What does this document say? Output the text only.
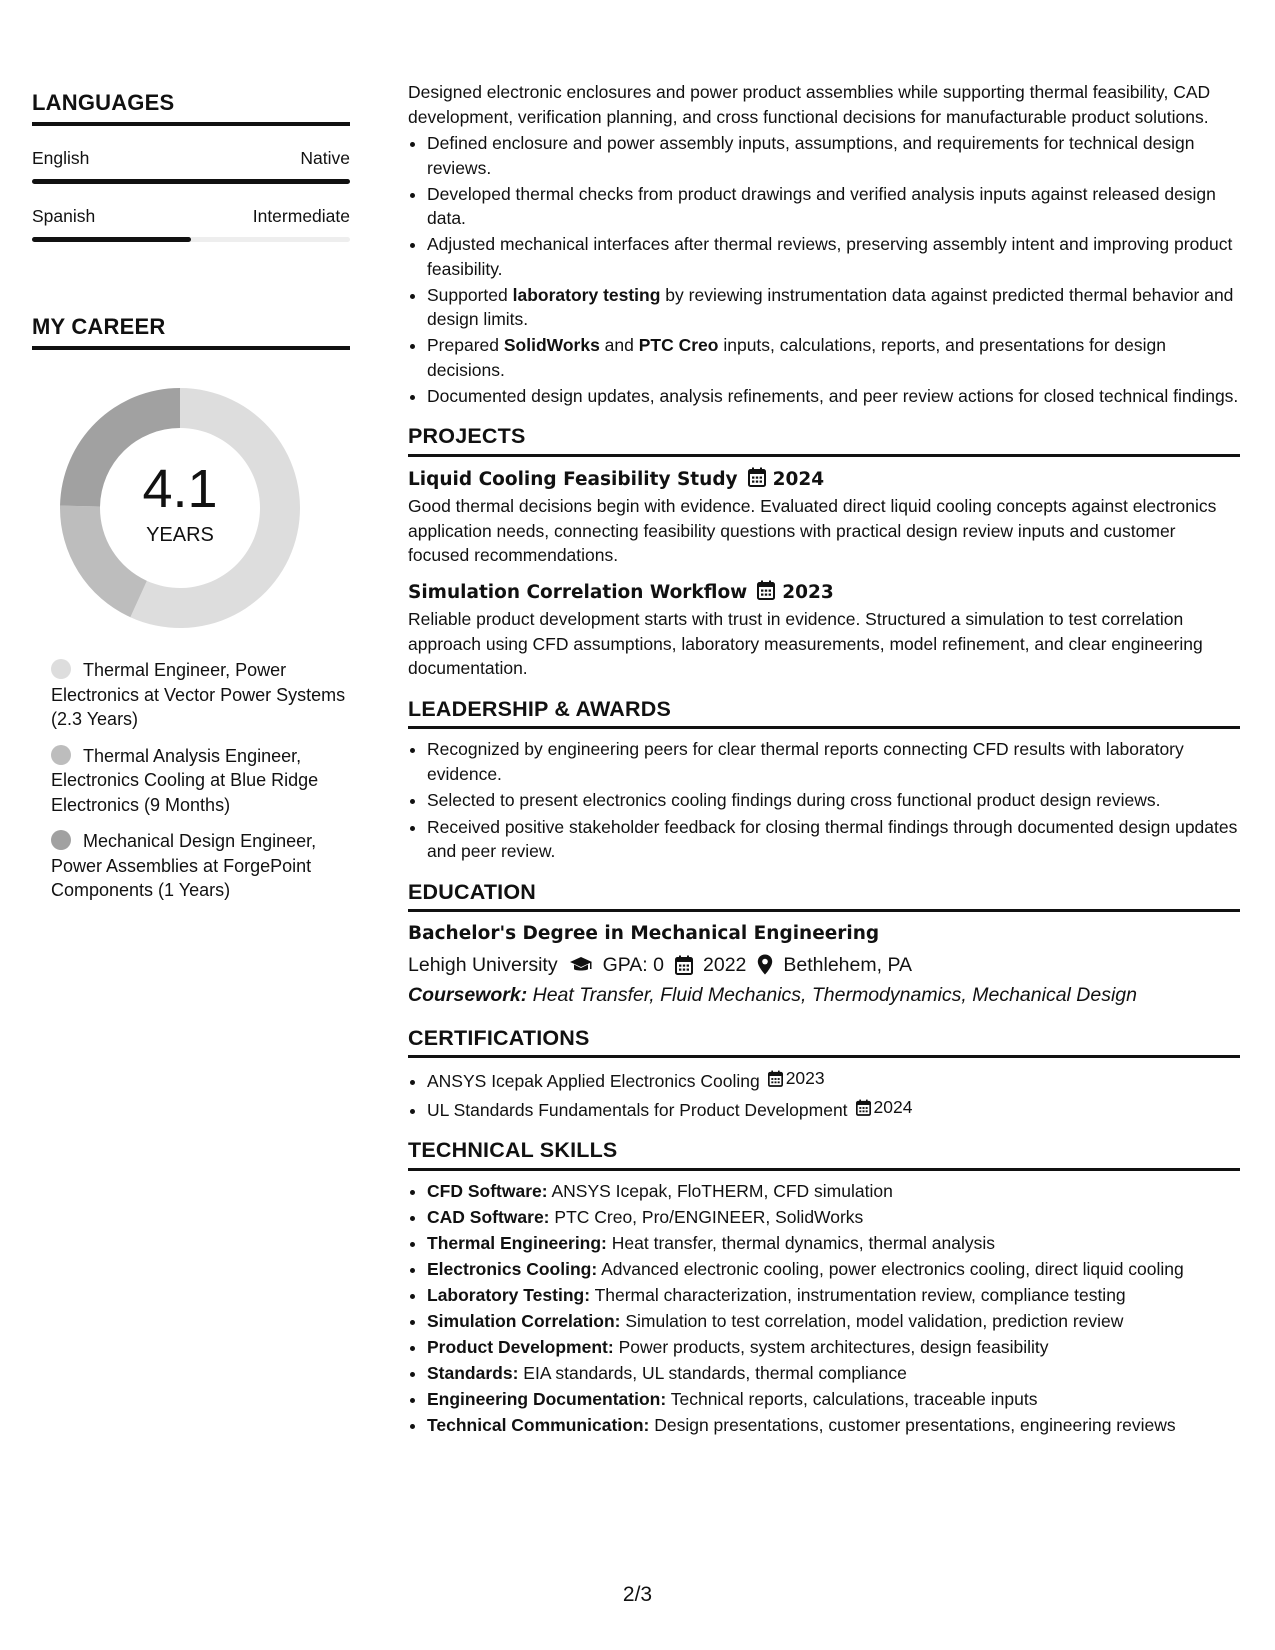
LANGUAGES
English	Native
Spanish	Intermediate
MY CAREER
4.1
YEARS
Thermal Engineer, Power Electronics at Vector Power Systems (2.3 Years)
Thermal Analysis Engineer, Electronics Cooling at Blue Ridge Electronics (9 Months)
Mechanical Design Engineer, Power Assemblies at ForgePoint Components (1 Years)

Designed electronic enclosures and power product assemblies while supporting thermal feasibility, CAD development, verification planning, and cross functional decisions for manufacturable product solutions.

• Defined enclosure and power assembly inputs, assumptions, and requirements for technical design reviews.
• Developed thermal checks from product drawings and verified analysis inputs against released design data.
• Adjusted mechanical interfaces after thermal reviews, preserving assembly intent and improving product feasibility.
• Supported laboratory testing by reviewing instrumentation data against predicted thermal behavior and design limits.
• Prepared SolidWorks and PTC Creo inputs, calculations, reports, and presentations for design decisions.
• Documented design updates, analysis refinements, and peer review actions for closed technical findings.
PROJECTS
Liquid Cooling Feasibility Study 2024

Good thermal decisions begin with evidence. Evaluated direct liquid cooling concepts against electronics application needs, connecting feasibility questions with practical design review inputs and customer focused recommendations.

Simulation Correlation Workflow 2023

Reliable product development starts with trust in evidence. Structured a simulation to test correlation approach using CFD assumptions, laboratory measurements, model refinement, and clear engineering documentation.

LEADERSHIP & AWARDS
• Recognized by engineering peers for clear thermal reports connecting CFD results with laboratory evidence.
• Selected to present electronics cooling findings during cross functional product design reviews.
• Received positive stakeholder feedback for closing thermal findings through documented design updates and peer review.
EDUCATION
Bachelor's Degree in Mechanical Engineering
Lehigh University GPA: 0 2022 Bethlehem, PA
Coursework: Heat Transfer, Fluid Mechanics, Thermodynamics, Mechanical Design
CERTIFICATIONS
• ANSYS Icepak Applied Electronics Cooling 2023
• UL Standards Fundamentals for Product Development 2024
TECHNICAL SKILLS
• CFD Software: ANSYS Icepak, FloTHERM, CFD simulation
• CAD Software: PTC Creo, Pro/ENGINEER, SolidWorks
• Thermal Engineering: Heat transfer, thermal dynamics, thermal analysis
• Electronics Cooling: Advanced electronic cooling, power electronics cooling, direct liquid cooling
• Laboratory Testing: Thermal characterization, instrumentation review, compliance testing
• Simulation Correlation: Simulation to test correlation, model validation, prediction review
• Product Development: Power products, system architectures, design feasibility
• Standards: EIA standards, UL standards, thermal compliance
• Engineering Documentation: Technical reports, calculations, traceable inputs
• Technical Communication: Design presentations, customer presentations, engineering reviews
2/3
